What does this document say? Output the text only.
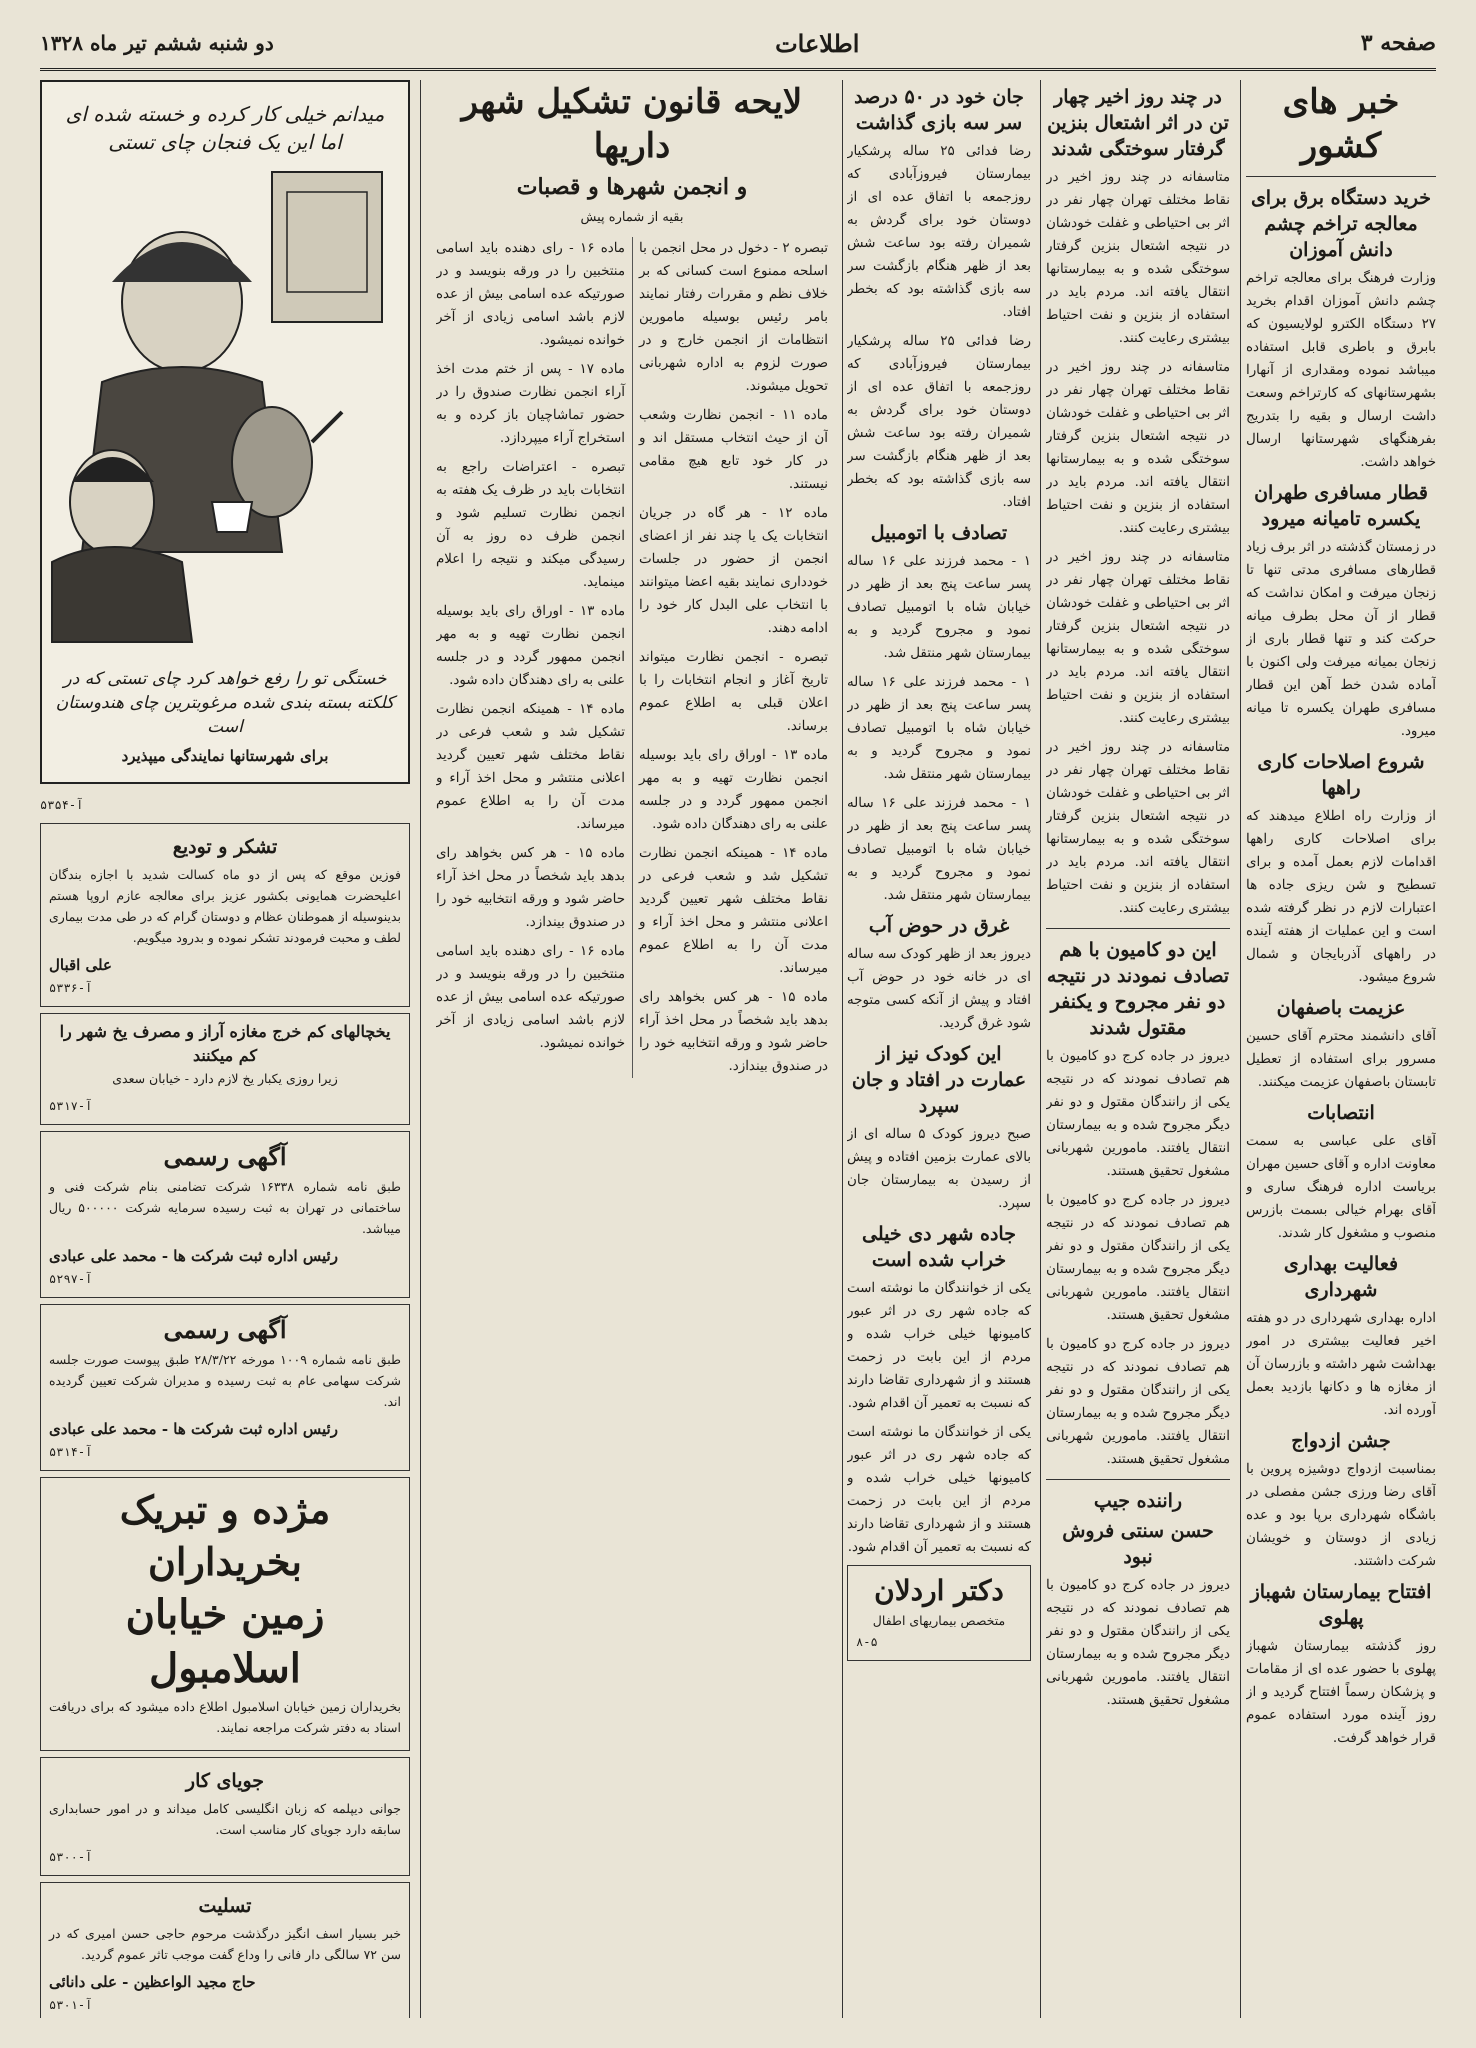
صفحه ۳
اطلاعات
دو شنبه ششم تیر ماه ۱۳۲۸
خبر های کشور
خرید دستگاه برق برای معالجه تراخم چشم دانش آموزان

وزارت فرهنگ برای معالجه تراخم چشم دانش آموزان اقدام بخرید ۲۷ دستگاه الکترو لولایسیون که بابرق و باطری قابل استفاده میباشد نموده ومقداری از آنهارا بشهرستانهای که کارتراخم وسعت داشت ارسال و بقیه را بتدریج بفرهنگهای شهرستانها ارسال خواهد داشت.

قطار مسافری طهران یکسره تامیانه میرود

در زمستان گذشته در اثر برف زیاد قطارهای مسافری مدتی تنها تا زنجان میرفت و امکان نداشت که قطار از آن محل بطرف میانه حرکت کند و تنها قطار باری از زنجان بمیانه میرفت ولی اکنون با آماده شدن خط آهن این قطار مسافری طهران یکسره تا میانه میرود.

شروع اصلاحات کاری راهها

از وزارت راه اطلاع میدهند که برای اصلاحات کاری راهها اقدامات لازم بعمل آمده و برای تسطیح و شن ریزی جاده ها اعتبارات لازم در نظر گرفته شده است و این عملیات از هفته آینده در راههای آذربایجان و شمال شروع میشود.

عزیمت باصفهان

آقای دانشمند محترم آقای حسین مسرور برای استفاده از تعطیل تابستان باصفهان عزیمت میکنند.

انتصابات

آقای علی عباسی به سمت معاونت اداره و آقای حسین مهران بریاست اداره فرهنگ ساری و آقای بهرام خیالی بسمت بازرس منصوب و مشغول کار شدند.

فعالیت بهداری شهرداری

اداره بهداری شهرداری در دو هفته اخیر فعالیت بیشتری در امور بهداشت شهر داشته و بازرسان آن از مغازه ها و دکانها بازدید بعمل آورده اند.

جشن ازدواج

بمناسبت ازدواج دوشیزه پروین با آقای رضا ورزی جشن مفصلی در باشگاه شهرداری برپا بود و عده زیادی از دوستان و خویشان شرکت داشتند.

افتتاح بیمارستان شهباز پهلوی

روز گذشته بیمارستان شهباز پهلوی با حضور عده ای از مقامات و پزشکان رسماً افتتاح گردید و از روز آینده مورد استفاده عموم قرار خواهد گرفت.

در چند روز اخیر چهار تن در اثر اشتعال بنزین گرفتار سوختگی شدند

متاسفانه در چند روز اخیر در نقاط مختلف تهران چهار نفر در اثر بی احتیاطی و غفلت خودشان در نتیجه اشتعال بنزین گرفتار سوختگی شده و به بیمارستانها انتقال یافته اند. مردم باید در استفاده از بنزین و نفت احتیاط بیشتری رعایت کنند.

متاسفانه در چند روز اخیر در نقاط مختلف تهران چهار نفر در اثر بی احتیاطی و غفلت خودشان در نتیجه اشتعال بنزین گرفتار سوختگی شده و به بیمارستانها انتقال یافته اند. مردم باید در استفاده از بنزین و نفت احتیاط بیشتری رعایت کنند.

متاسفانه در چند روز اخیر در نقاط مختلف تهران چهار نفر در اثر بی احتیاطی و غفلت خودشان در نتیجه اشتعال بنزین گرفتار سوختگی شده و به بیمارستانها انتقال یافته اند. مردم باید در استفاده از بنزین و نفت احتیاط بیشتری رعایت کنند.

متاسفانه در چند روز اخیر در نقاط مختلف تهران چهار نفر در اثر بی احتیاطی و غفلت خودشان در نتیجه اشتعال بنزین گرفتار سوختگی شده و به بیمارستانها انتقال یافته اند. مردم باید در استفاده از بنزین و نفت احتیاط بیشتری رعایت کنند.

این دو کامیون با هم تصادف نمودند در نتیجه دو نفر مجروح و یکنفر مقتول شدند

دیروز در جاده کرج دو کامیون با هم تصادف نمودند که در نتیجه یکی از رانندگان مقتول و دو نفر دیگر مجروح شده و به بیمارستان انتقال یافتند. مامورین شهربانی مشغول تحقیق هستند.

دیروز در جاده کرج دو کامیون با هم تصادف نمودند که در نتیجه یکی از رانندگان مقتول و دو نفر دیگر مجروح شده و به بیمارستان انتقال یافتند. مامورین شهربانی مشغول تحقیق هستند.

دیروز در جاده کرج دو کامیون با هم تصادف نمودند که در نتیجه یکی از رانندگان مقتول و دو نفر دیگر مجروح شده و به بیمارستان انتقال یافتند. مامورین شهربانی مشغول تحقیق هستند.

راننده جیپ
حسن سنتی فروش نبود

دیروز در جاده کرج دو کامیون با هم تصادف نمودند که در نتیجه یکی از رانندگان مقتول و دو نفر دیگر مجروح شده و به بیمارستان انتقال یافتند. مامورین شهربانی مشغول تحقیق هستند.

جان خود در ۵۰ درصد سر سه بازی گذاشت

رضا فدائی ۲۵ ساله پرشکیار بیمارستان فیروزآبادی که روزجمعه با اتفاق عده ای از دوستان خود برای گردش به شمیران رفته بود ساعت شش بعد از ظهر هنگام بازگشت سر سه بازی گذاشته بود که بخطر افتاد.

رضا فدائی ۲۵ ساله پرشکیار بیمارستان فیروزآبادی که روزجمعه با اتفاق عده ای از دوستان خود برای گردش به شمیران رفته بود ساعت شش بعد از ظهر هنگام بازگشت سر سه بازی گذاشته بود که بخطر افتاد.

تصادف با اتومبیل

۱ - محمد فرزند علی ۱۶ ساله پسر ساعت پنج بعد از ظهر در خیابان شاه با اتومبیل تصادف نمود و مجروح گردید و به بیمارستان شهر منتقل شد.

۱ - محمد فرزند علی ۱۶ ساله پسر ساعت پنج بعد از ظهر در خیابان شاه با اتومبیل تصادف نمود و مجروح گردید و به بیمارستان شهر منتقل شد.

۱ - محمد فرزند علی ۱۶ ساله پسر ساعت پنج بعد از ظهر در خیابان شاه با اتومبیل تصادف نمود و مجروح گردید و به بیمارستان شهر منتقل شد.

غرق در حوض آب

دیروز بعد از ظهر کودک سه ساله ای در خانه خود در حوض آب افتاد و پیش از آنکه کسی متوجه شود غرق گردید.

این کودک نیز از عمارت در افتاد و جان سپرد

صبح دیروز کودک ۵ ساله ای از بالای عمارت بزمین افتاده و پیش از رسیدن به بیمارستان جان سپرد.

جاده شهر دی خیلی خراب شده است

یکی از خوانندگان ما نوشته است که جاده شهر ری در اثر عبور کامیونها خیلی خراب شده و مردم از این بابت در زحمت هستند و از شهرداری تقاضا دارند که نسبت به تعمیر آن اقدام شود.

یکی از خوانندگان ما نوشته است که جاده شهر ری در اثر عبور کامیونها خیلی خراب شده و مردم از این بابت در زحمت هستند و از شهرداری تقاضا دارند که نسبت به تعمیر آن اقدام شود.

دکتر اردلان
متخصص بیماریهای اطفال
۸-۵
لایحه قانون تشکیل شهر داریها
و انجمن شهرها و قصبات
بقیه از شماره پیش

تبصره ۲ - دخول در محل انجمن با اسلحه ممنوع است کسانی که بر خلاف نظم و مقررات رفتار نمایند بامر رئیس بوسیله مامورین انتظامات از انجمن خارج و در صورت لزوم به اداره شهربانی تحویل میشوند.

ماده ۱۱ - انجمن نظارت وشعب آن از حیث انتخاب مستقل اند و در کار خود تابع هیچ مقامی نیستند.

ماده ۱۲ - هر گاه در جریان انتخابات یک یا چند نفر از اعضای انجمن از حضور در جلسات خودداری نمایند بقیه اعضا میتوانند با انتخاب علی البدل کار خود را ادامه دهند.

تبصره - انجمن نظارت میتواند تاریخ آغاز و انجام انتخابات را با اعلان قبلی به اطلاع عموم برساند.

ماده ۱۳ - اوراق رای باید بوسیله انجمن نظارت تهیه و به مهر انجمن ممهور گردد و در جلسه علنی به رای دهندگان داده شود.

ماده ۱۴ - همینکه انجمن نظارت تشکیل شد و شعب فرعی در نقاط مختلف شهر تعیین گردید اعلانی منتشر و محل اخذ آراء و مدت آن را به اطلاع عموم میرساند.

ماده ۱۵ - هر کس بخواهد رای بدهد باید شخصاً در محل اخذ آراء حاضر شود و ورقه انتخابیه خود را در صندوق بیندازد.

ماده ۱۶ - رای دهنده باید اسامی منتخبین را در ورقه بنویسد و در صورتیکه عده اسامی بیش از عده لازم باشد اسامی زیادی از آخر خوانده نمیشود.

ماده ۱۷ - پس از ختم مدت اخذ آراء انجمن نظارت صندوق را در حضور تماشاچیان باز کرده و به استخراج آراء میپردازد.

تبصره - اعتراضات راجع به انتخابات باید در ظرف یک هفته به انجمن نظارت تسلیم شود و انجمن ظرف ده روز به آن رسیدگی میکند و نتیجه را اعلام مینماید.

ماده ۱۳ - اوراق رای باید بوسیله انجمن نظارت تهیه و به مهر انجمن ممهور گردد و در جلسه علنی به رای دهندگان داده شود.

ماده ۱۴ - همینکه انجمن نظارت تشکیل شد و شعب فرعی در نقاط مختلف شهر تعیین گردید اعلانی منتشر و محل اخذ آراء و مدت آن را به اطلاع عموم میرساند.

ماده ۱۵ - هر کس بخواهد رای بدهد باید شخصاً در محل اخذ آراء حاضر شود و ورقه انتخابیه خود را در صندوق بیندازد.

ماده ۱۶ - رای دهنده باید اسامی منتخبین را در ورقه بنویسد و در صورتیکه عده اسامی بیش از عده لازم باشد اسامی زیادی از آخر خوانده نمیشود.

میدانم خیلی کار کرده و خسته شده ای اما این یک فنجان چای تستی
خستگی تو را رفع خواهد کرد چای تستی که در کلکته بسته بندی شده مرغوبترین چای هندوستان است
برای شهرستانها نمایندگی میپذیرد
۵۳۵۴-آ
تشکر و تودیع

فوزین موقع که پس از دو ماه کسالت شدید با اجازه بندگان اعلیحضرت همایونی بکشور عزیز برای معالجه عازم اروپا هستم بدینوسیله از هموطنان عظام و دوستان گرام که در طی مدت بیماری لطف و محبت فرمودند تشکر نموده و بدرود میگویم.

علی اقبال
۵۳۳۶-آ
یخچالهای کم خرج مغازه آراز و مصرف یخ شهر را کم میکنند

زیرا روزی یکبار یخ لازم دارد - خیابان سعدی

۵۳۱۷-آ
آگهی رسمی

طبق نامه شماره ۱۶۳۳۸ شرکت تضامنی بنام شرکت فنی و ساختمانی در تهران به ثبت رسیده سرمایه شرکت ۵۰۰۰۰۰ ریال میباشد.

رئیس اداره ثبت شرکت ها - محمد علی عبادی
۵۲۹۷-آ
آگهی رسمی

طبق نامه شماره ۱۰۰۹ مورخه ۲۸/۳/۲۲ طبق پیوست صورت جلسه شرکت سهامی عام به ثبت رسیده و مدیران شرکت تعیین گردیده اند.

رئیس اداره ثبت شرکت ها - محمد علی عبادی
۵۳۱۴-آ
مژده و تبریک بخریداران
زمین خیابان اسلامبول

بخریداران زمین خیابان اسلامبول اطلاع داده میشود که برای دریافت اسناد به دفتر شرکت مراجعه نمایند.

جویای کار

جوانی دیپلمه که زبان انگلیسی کامل میداند و در امور حسابداری سابقه دارد جویای کار مناسب است.

۵۳۰۰-آ
تسلیت

خبر بسیار اسف انگیز درگذشت مرحوم حاجی حسن امیری که در سن ۷۲ سالگی دار فانی را وداع گفت موجب تاثر عموم گردید.

حاج مجید الواعظین - علی دانائی
۵۳۰۱-آ
